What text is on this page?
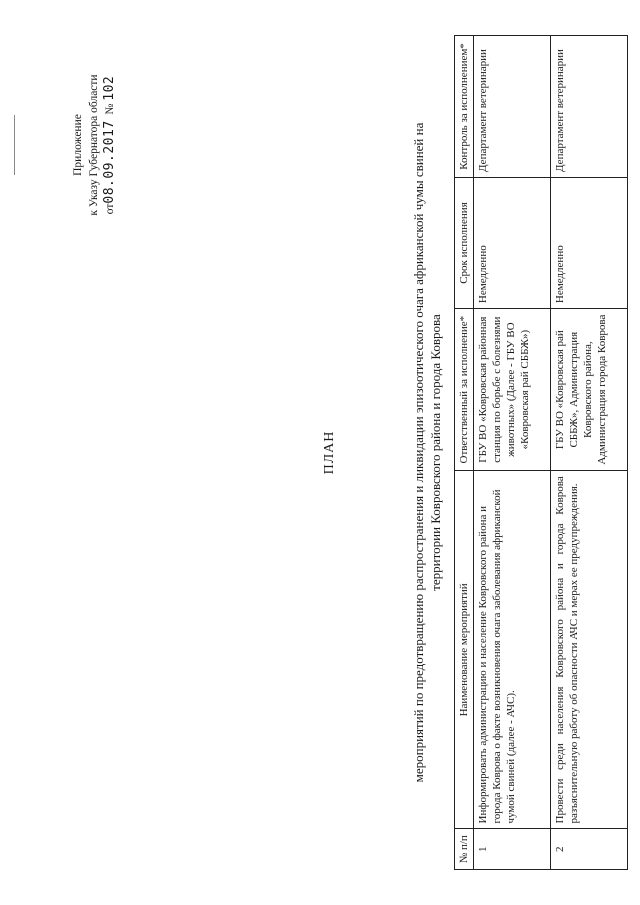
Приложение к Указу Губернатора области от08.09.2017  № 102
ПЛАН	мероприятий по предотвращению распространения и ликвидации эпизоотического очага африканской чумы свиней на территории Ковровского района и города Коврова
№ п/п	Наименование мероприятий	Ответственный за исполнение*	Срок исполнения	Контроль за исполнением*
1	Информировать администрацию и население Ковровского района и города Коврова о факте возникновения очага заболевания африканской чумой свиней (далее - АЧС).	ГБУ ВО «Ковровская районная станция по борьбе с болезнями животных» (Далее - ГБУ ВО «Ковровская рай СББЖ»)	Немедленно	Департамент ветеринарии
2	Провести среди населения Ковровского района и города Коврова разъяснительную работу об опасности АЧС и мерах ее предупреждения.	ГБУ ВО «Ковровская рай СББЖ», Администрация Ковровского района, Администрация города Коврова	Немедленно	Департамент ветеринарии
